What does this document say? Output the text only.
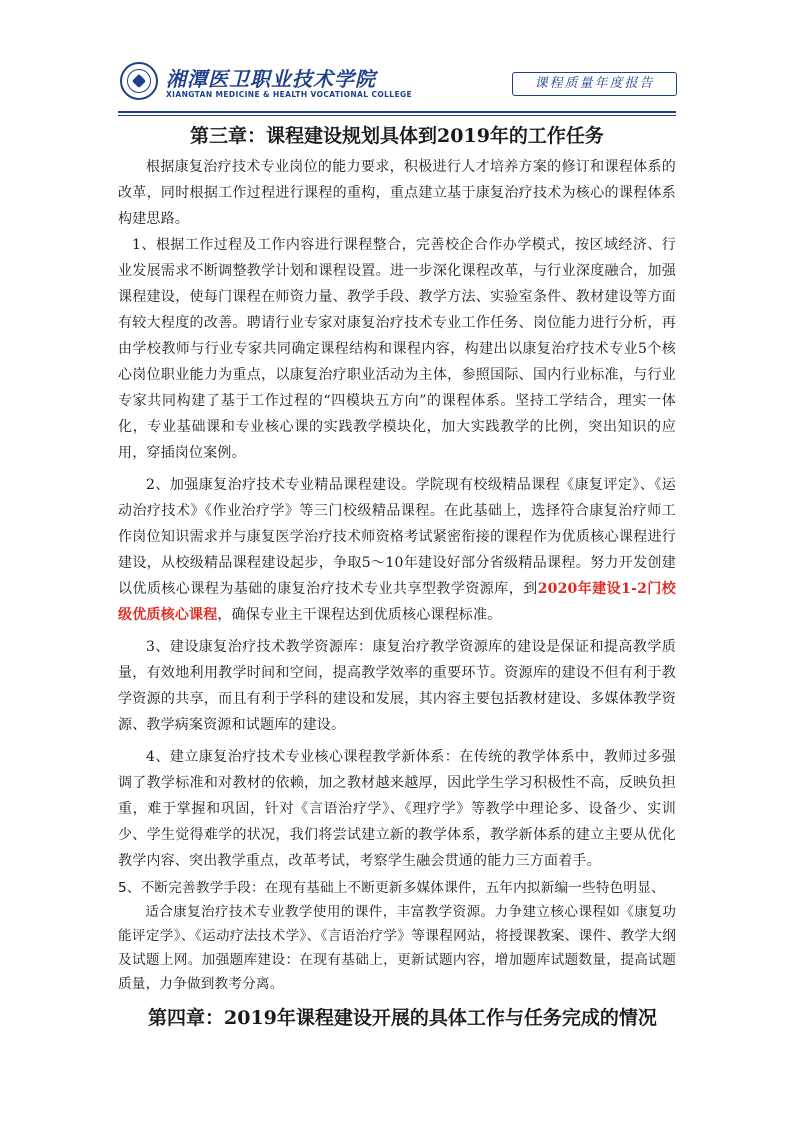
湘潭医卫职业技术学院
XIANGTAN MEDICINE & HEALTH VOCATIONAL COLLEGE
课程质量年度报告
第三章：课程建设规划具体到2019年的工作任务

根据康复治疗技术专业岗位的能力要求，积极进行人才培养方案的修订和课程体系的改革，同时根据工作过程进行课程的重构，重点建立基于康复治疗技术为核心的课程体系构建思路。

1、根据工作过程及工作内容进行课程整合，完善校企合作办学模式，按区域经济、行业发展需求不断调整教学计划和课程设置。进一步深化课程改革，与行业深度融合，加强课程建设，使每门课程在师资力量、教学手段、教学方法、实验室条件、教材建设等方面有较大程度的改善。聘请行业专家对康复治疗技术专业工作任务、岗位能力进行分析，再由学校教师与行业专家共同确定课程结构和课程内容，构建出以康复治疗技术专业5个核心岗位职业能力为重点，以康复治疗职业活动为主体，参照国际、国内行业标准，与行业专家共同构建了基于工作过程的“四模块五方向”的课程体系。坚持工学结合，理实一体化，专业基础课和专业核心课的实践教学模块化，加大实践教学的比例，突出知识的应用，穿插岗位案例。

2、加强康复治疗技术专业精品课程建设。学院现有校级精品课程《康复评定》、《运动治疗技术》《作业治疗学》等三门校级精品课程。在此基础上，选择符合康复治疗师工作岗位知识需求并与康复医学治疗技术师资格考试紧密衔接的课程作为优质核心课程进行建设，从校级精品课程建设起步，争取5～10年建设好部分省级精品课程。努力开发创建以优质核心课程为基础的康复治疗技术专业共享型教学资源库，到2020年建设1-2门校级优质核心课程，确保专业主干课程达到优质核心课程标准。

3、建设康复治疗技术教学资源库：康复治疗教学资源库的建设是保证和提高教学质量，有效地利用教学时间和空间，提高教学效率的重要环节。资源库的建设不但有利于教学资源的共享，而且有利于学科的建设和发展，其内容主要包括教材建设、多媒体教学资源、教学病案资源和试题库的建设。

4、建立康复治疗技术专业核心课程教学新体系：在传统的教学体系中，教师过多强调了教学标准和对教材的依赖，加之教材越来越厚，因此学生学习积极性不高，反映负担重，难于掌握和巩固，针对《言语治疗学》、《理疗学》等教学中理论多、设备少、实训少、学生觉得难学的状况，我们将尝试建立新的教学体系，教学新体系的建立主要从优化教学内容、突出教学重点，改革考试，考察学生融会贯通的能力三方面着手。

5、不断完善教学手段：在现有基础上不断更新多媒体课件，五年内拟新编一些特色明显、
适合康复治疗技术专业教学使用的课件，丰富教学资源。力争建立核心课程如《康复功能评定学》、《运动疗法技术学》、《言语治疗学》等课程网站，将授课教案、课件、教学大纲及试题上网。加强题库建设：在现有基础上，更新试题内容，增加题库试题数量，提高试题质量，力争做到教考分离。

第四章：2019年课程建设开展的具体工作与任务完成的情况
